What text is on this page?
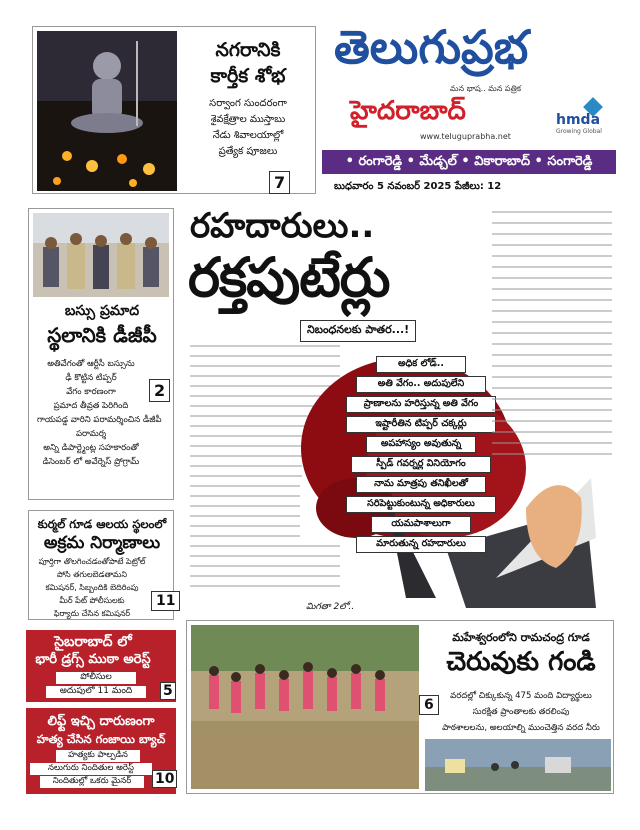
నగరానికి
కార్తీక శోభ
సర్వాంగ సుందరంగా
శైవక్షేత్రాల ముస్తాబు
నేడు శివాలయాల్లో
ప్రత్యేక పూజలు
7
తెలుగుప్రభ
మన భాష.. మన పత్రిక
హైదరాబాద్
www.teluguprabha.net
hmda
Growing Global
• రంగారెడ్డి • మేడ్చల్ • వికారాబాద్ • సంగారెడ్డి
బుధవారం 5 నవంబర్ 2025 పేజీలు: 12
బస్సు ప్రమాద
స్థలానికి డీజీపీ
అతివేగంతో ఆర్టీసీ బస్సును
ఢీ కొట్టిన టిప్పర్
వేగం కారణంగా
ప్రమాద తీవ్రత పెరిగింది
గాయపడ్డ వారిని పరామర్శించిన డీజీపీ
పరామర్శ
అన్ని డిపార్ట్మెంట్ల సహకారంతో
డిసెంబర్ లో అవేర్నెస్ ప్రోగ్రామ్
2
రహదారులు..
రక్తపుటేర్లు
నిబంధనలకు పాతర...!
అధిక లోడ్..
అతి వేగం.. అదుపులేని
ప్రాణాలను హరిస్తున్న అతి వేగం
ఇష్టారీతిన టిప్పర్ చక్కర్లు
అపహాస్యం అవుతున్న
స్పీడ్ గవర్నర్ల వినియోగం
నామ మాత్రపు తనిఖీలతో
సరిపెట్టుకుంటున్న అధికారులు
యమపాశాలుగా
మారుతున్న రహదారులు
మిగతా 2లో..
కుర్మల్ గూడ ఆలయ స్థలంలో
అక్రమ నిర్మాణాలు
పూర్తిగా తొలగించడంతోపాటే పెట్రోల్
పోసి తగులబెడతామని
కమిషనర్, సిబ్బందికి బెదిరింపు
మీర్ పేట్ పోలీసులకు
ఫిర్యాదు చేసిన కమిషనర్
11
సైబరాబాద్ లో
భారీ డ్రగ్స్ ముఠా అరెస్ట్
పోలీసుల
అదుపులో 11 మంది	5
లిఫ్ట్ ఇచ్చి దారుణంగా
హత్య చేసిన గంజాయి బ్యాచ్
హత్యకు పాల్పడిన
నలుగురు నిందితుల అరెస్ట్
నిందితుల్లో ఒకరు మైనర్	10
6
మహేశ్వరంలోని రామచంద్ర గూడ
చెరువుకు గండి
వరదల్లో చిక్కుకున్న 475 మంది విద్యార్థులు
సురక్షిత ప్రాంతాలకు తరలింపు
పాఠశాలలను, అలయాల్ని ముంచెత్తిన వరద నీరు
